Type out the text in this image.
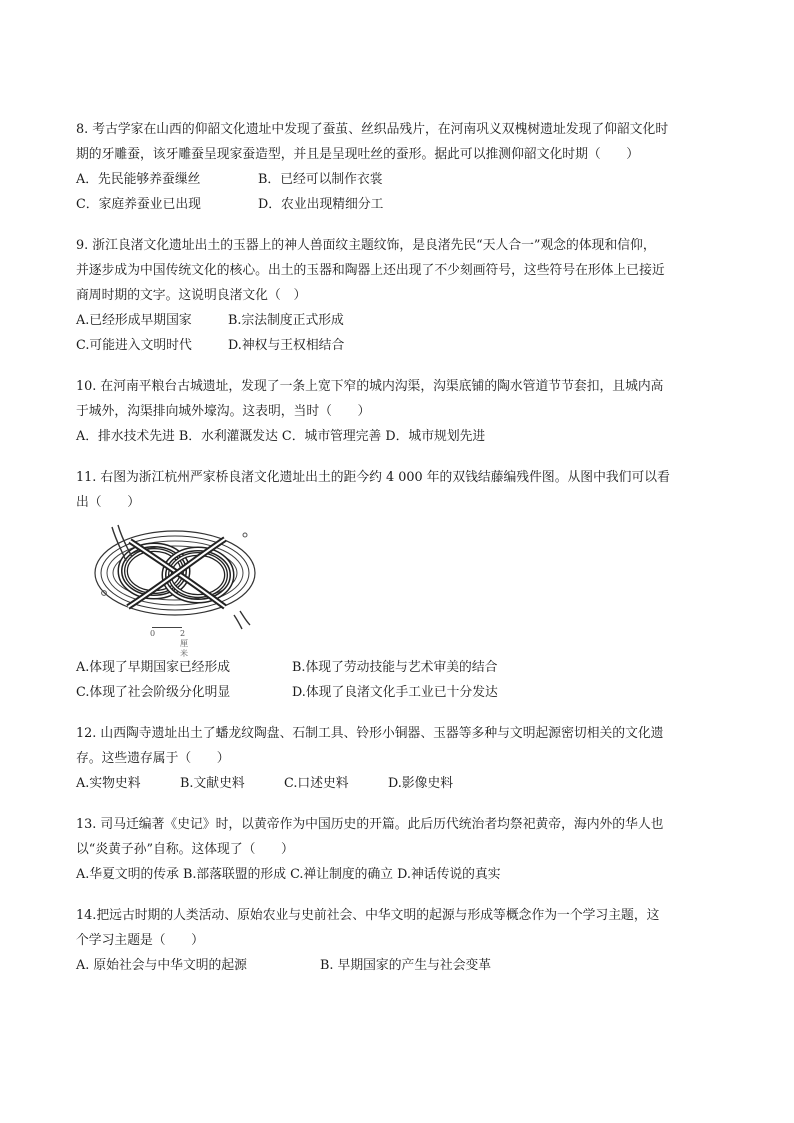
8. 考古学家在山西的仰韶文化遗址中发现了蚕茧、丝织品残片，在河南巩义双槐树遗址发现了仰韶文化时
期的牙雕蚕，该牙雕蚕呈现家蚕造型，并且是呈现吐丝的蚕形。据此可以推测仰韶文化时期（　　）
A．先民能够养蚕缫丝	B．已经可以制作衣裳
C．家庭养蚕业已出现	D．农业出现精细分工
9. 浙江良渚文化遗址出土的玉器上的神人兽面纹主题纹饰，是良渚先民“天人合一”观念的体现和信仰，
并逐步成为中国传统文化的核心。出土的玉器和陶器上还出现了不少刻画符号，这些符号在形体上已接近
商周时期的文字。这说明良渚文化（　）
A.已经形成早期国家	B.宗法制度正式形成
C.可能进入文明时代	D.神权与王权相结合
10. 在河南平粮台古城遗址，发现了一条上宽下窄的城内沟渠，沟渠底铺的陶水管道节节套扣，且城内高
于城外，沟渠排向城外壕沟。这表明，当时（　　）
A．排水技术先进 B．水利灌溉发达 C．城市管理完善 D．城市规划先进
11. 右图为浙江杭州严家桥良渚文化遗址出土的距今约 4 000 年的双钱结藤编残件图。从图中我们可以看
出（　　）
0	2厘米
A.体现了早期国家已经形成	B.体现了劳动技能与艺术审美的结合
C.体现了社会阶级分化明显	D.体现了良渚文化手工业已十分发达
12. 山西陶寺遗址出土了蟠龙纹陶盘、石制工具、铃形小铜器、玉器等多种与文明起源密切相关的文化遗
存。这些遗存属于（　　）
A.实物史料	B.文献史料	C.口述史料	D.影像史料
13. 司马迁编著《史记》时，以黄帝作为中国历史的开篇。此后历代统治者均祭祀黄帝，海内外的华人也
以“炎黄子孙”自称。这体现了（　　）
A.华夏文明的传承 B.部落联盟的形成 C.禅让制度的确立 D.神话传说的真实
14.把远古时期的人类活动、原始农业与史前社会、中华文明的起源与形成等概念作为一个学习主题，这
个学习主题是（　　）
A. 原始社会与中华文明的起源	B. 早期国家的产生与社会变革
